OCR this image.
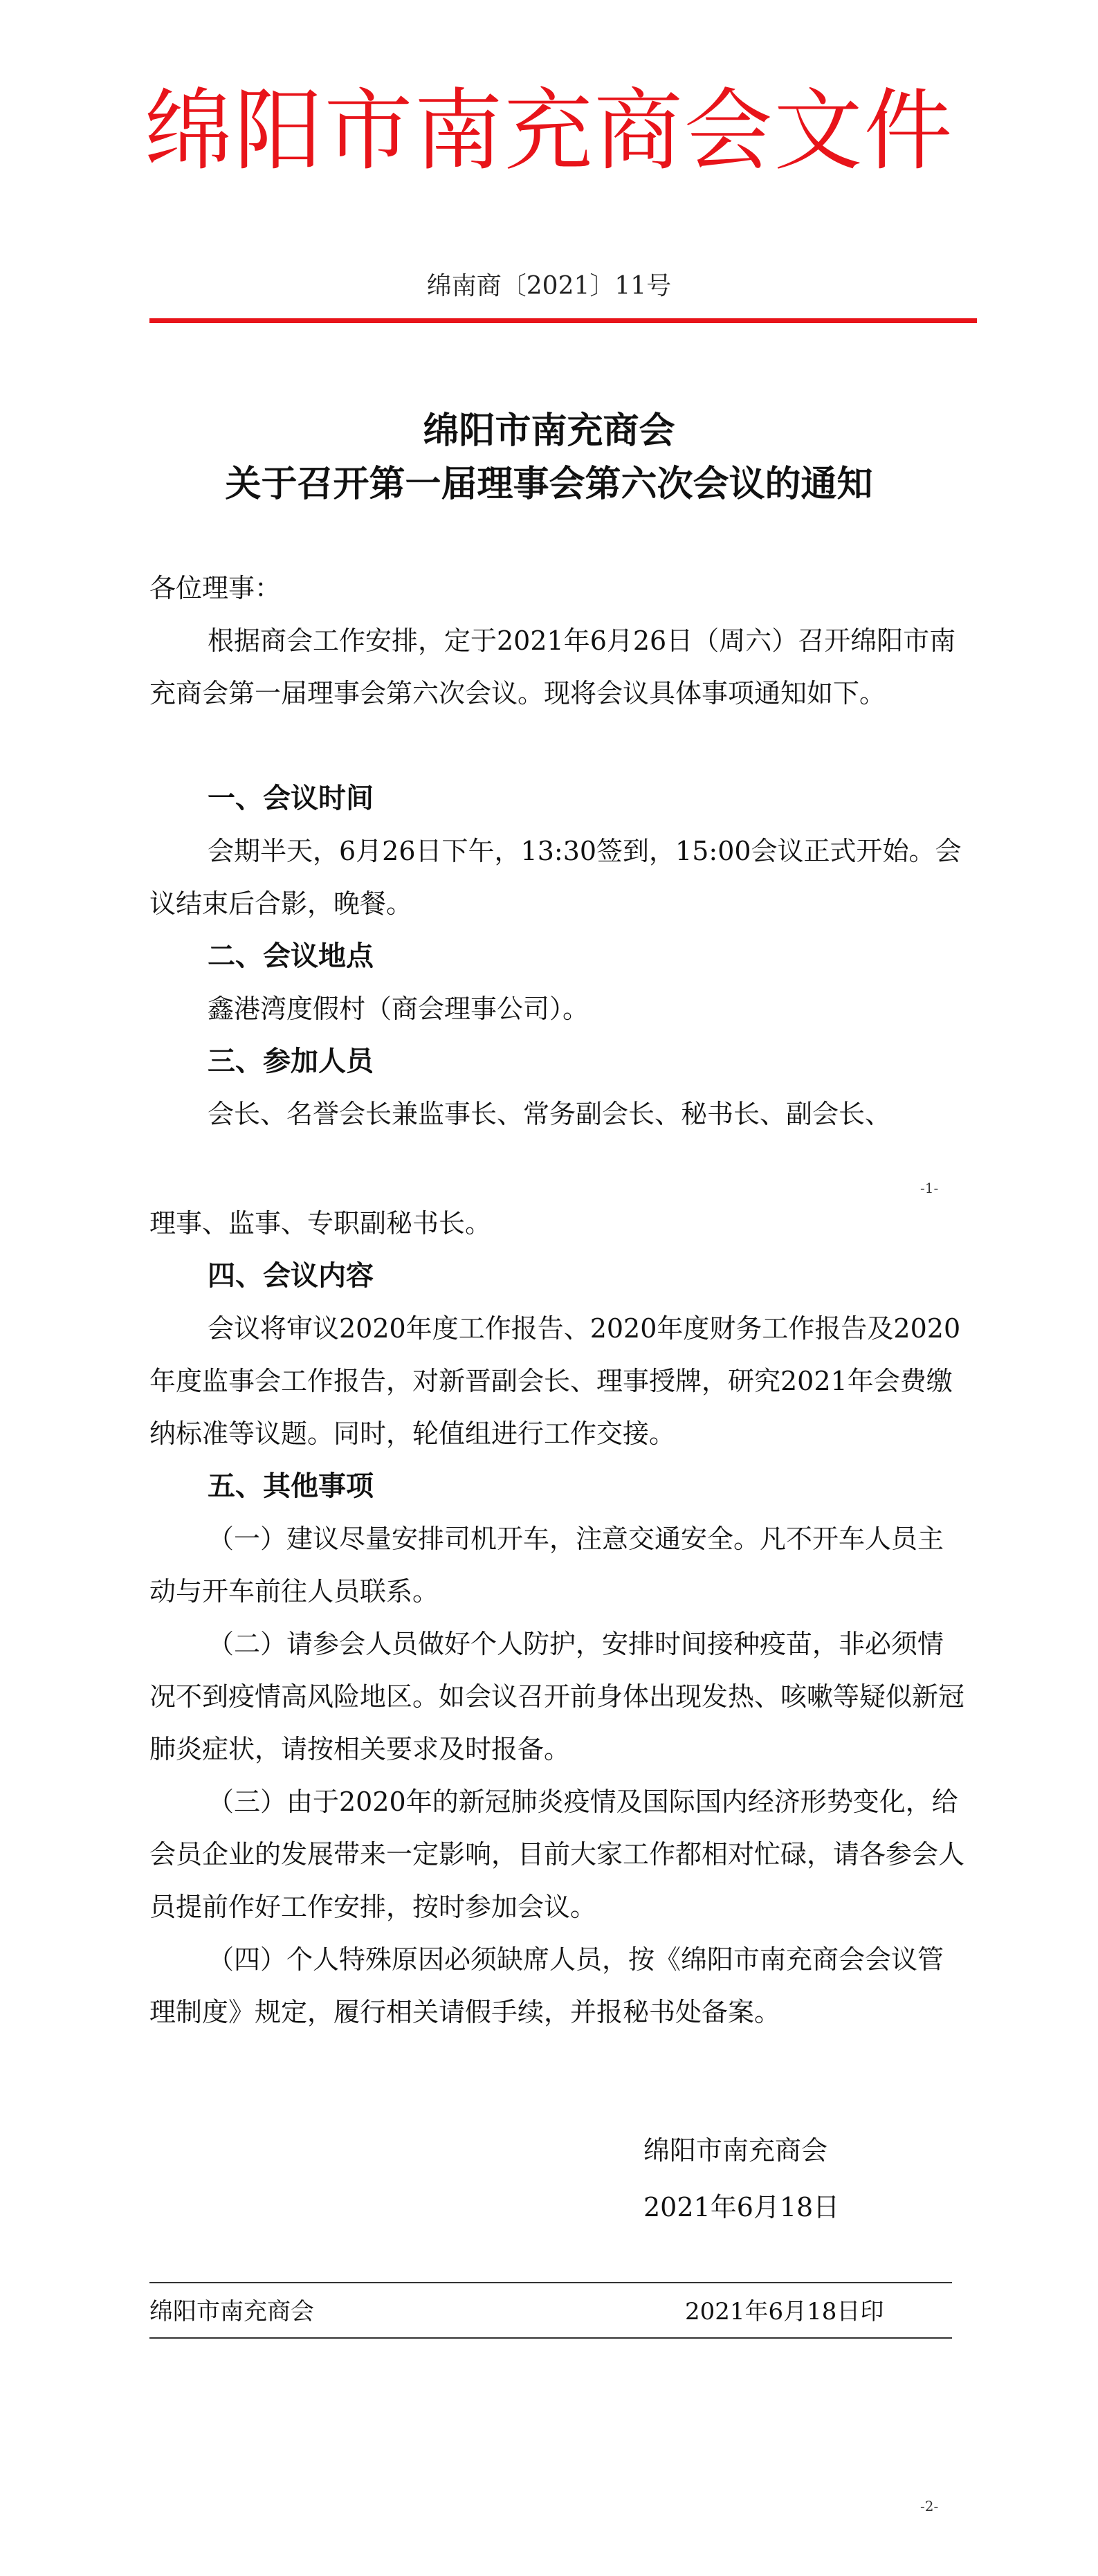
绵阳市南充商会文件
绵南商〔2021〕11号
绵阳市南充商会
关于召开第一届理事会第六次会议的通知
各位理事：
根据商会工作安排，定于2021年6月26日（周六）召开绵阳市南充商会第一届理事会第六次会议。现将会议具体事项通知如下。
一、会议时间
会期半天，6月26日下午，13:30签到，15:00会议正式开始。会议结束后合影，晚餐。
二、会议地点
鑫港湾度假村（商会理事公司）。
三、参加人员
会长、名誉会长兼监事长、常务副会长、秘书长、副会长、
-1-
理事、监事、专职副秘书长。
四、会议内容
会议将审议2020年度工作报告、2020年度财务工作报告及2020年度监事会工作报告，对新晋副会长、理事授牌，研究2021年会费缴纳标准等议题。同时，轮值组进行工作交接。
五、其他事项
（一）建议尽量安排司机开车，注意交通安全。凡不开车人员主动与开车前往人员联系。
（二）请参会人员做好个人防护，安排时间接种疫苗，非必须情况不到疫情高风险地区。如会议召开前身体出现发热、咳嗽等疑似新冠肺炎症状，请按相关要求及时报备。
（三）由于2020年的新冠肺炎疫情及国际国内经济形势变化，给会员企业的发展带来一定影响，目前大家工作都相对忙碌，请各参会人员提前作好工作安排，按时参加会议。
（四）个人特殊原因必须缺席人员，按《绵阳市南充商会会议管理制度》规定，履行相关请假手续，并报秘书处备案。
绵阳市南充商会
2021年6月18日
绵阳市南充商会	2021年6月18日印
-2-
